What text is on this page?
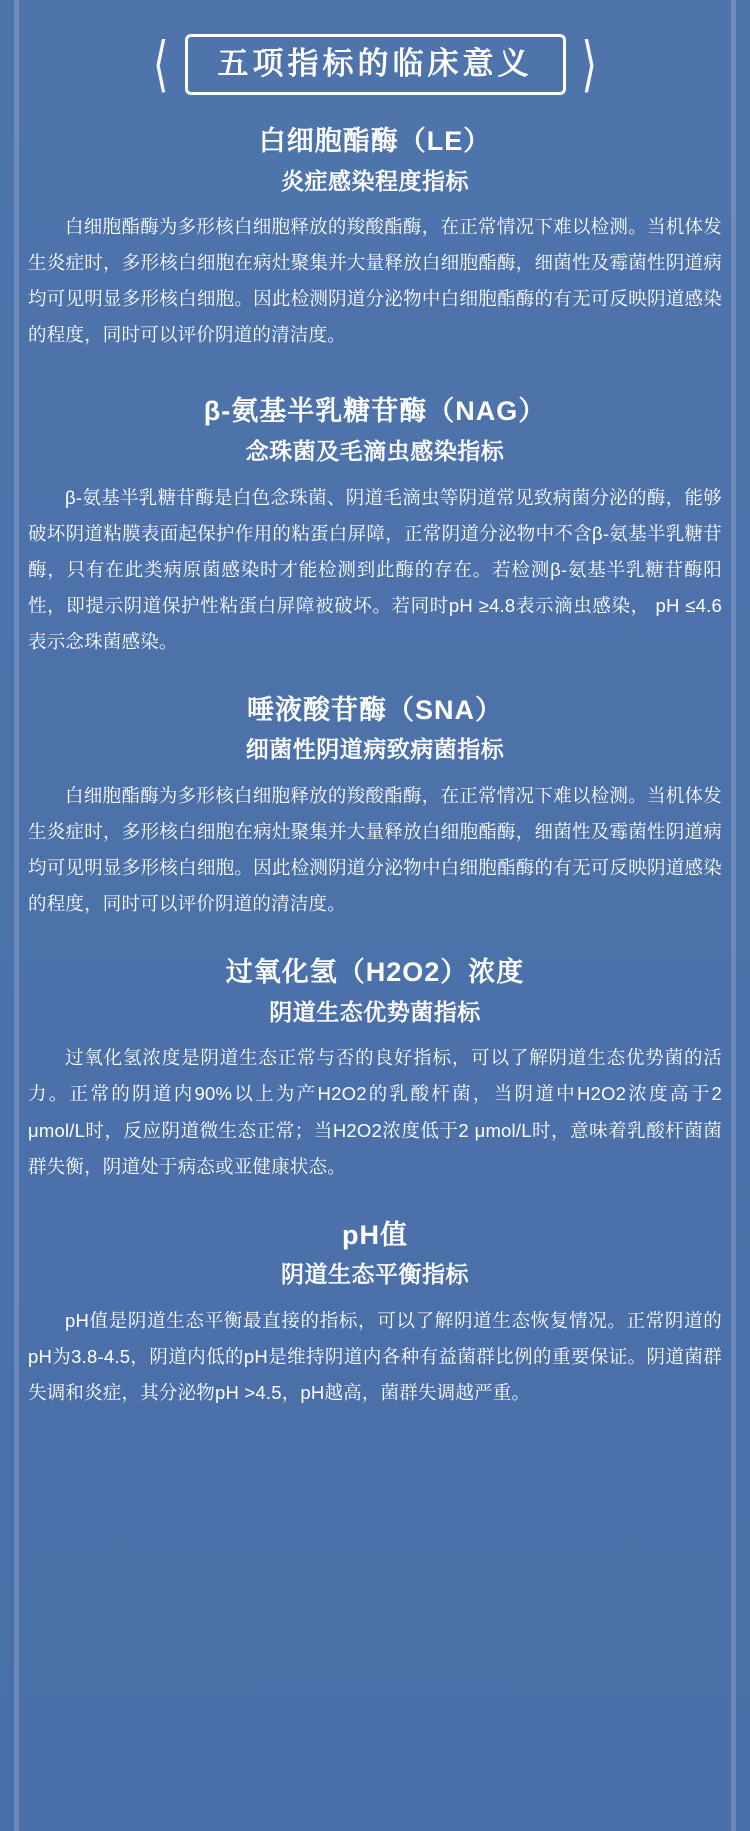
⟨ 五项指标的临床意义 ⟩
白细胞酯酶（LE）
炎症感染程度指标
白细胞酯酶为多形核白细胞释放的羧酸酯酶，在正常情况下难以检测。当机体发生炎症时，多形核白细胞在病灶聚集并大量释放白细胞酯酶，细菌性及霉菌性阴道病均可见明显多形核白细胞。因此检测阴道分泌物中白细胞酯酶的有无可反映阴道感染的程度，同时可以评价阴道的清洁度。
β-氨基半乳糖苷酶（NAG）
念珠菌及毛滴虫感染指标
β-氨基半乳糖苷酶是白色念珠菌、阴道毛滴虫等阴道常见致病菌分泌的酶，能够破坏阴道粘膜表面起保护作用的粘蛋白屏障，正常阴道分泌物中不含β-氨基半乳糖苷酶，只有在此类病原菌感染时才能检测到此酶的存在。若检测β-氨基半乳糖苷酶阳性，即提示阴道保护性粘蛋白屏障被破坏。若同时pH ≥4.8表示滴虫感染， pH ≤4.6表示念珠菌感染。
唾液酸苷酶（SNA）
细菌性阴道病致病菌指标
白细胞酯酶为多形核白细胞释放的羧酸酯酶，在正常情况下难以检测。当机体发生炎症时，多形核白细胞在病灶聚集并大量释放白细胞酯酶，细菌性及霉菌性阴道病均可见明显多形核白细胞。因此检测阴道分泌物中白细胞酯酶的有无可反映阴道感染的程度，同时可以评价阴道的清洁度。
过氧化氢（H2O2）浓度
阴道生态优势菌指标
过氧化氢浓度是阴道生态正常与否的良好指标，可以了解阴道生态优势菌的活力。正常的阴道内90%以上为产H2O2的乳酸杆菌，当阴道中H2O2浓度高于2 μmol/L时，反应阴道微生态正常；当H2O2浓度低于2 μmol/L时，意味着乳酸杆菌菌群失衡，阴道处于病态或亚健康状态。
pH值
阴道生态平衡指标
pH值是阴道生态平衡最直接的指标，可以了解阴道生态恢复情况。正常阴道的pH为3.8-4.5，阴道内低的pH是维持阴道内各种有益菌群比例的重要保证。阴道菌群失调和炎症，其分泌物pH >4.5，pH越高，菌群失调越严重。
